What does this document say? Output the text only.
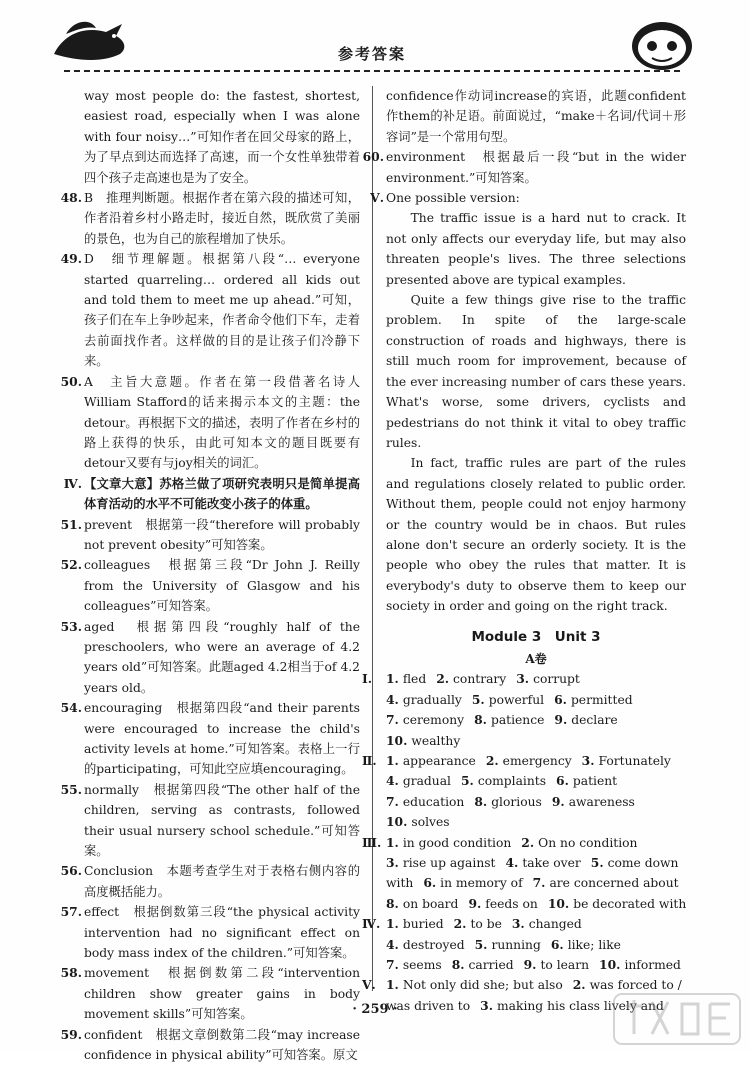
参考答案
way most people do: the fastest, shortest, easiest road, especially when I was alone with four noisy…”可知作者在回父母家的路上，为了早点到达而选择了高速，而一个女性单独带着四个孩子走高速也是为了安全。
48. B　推理判断题。根据作者在第六段的描述可知，作者沿着乡村小路走时，接近自然，既欣赏了美丽的景色，也为自己的旅程增加了快乐。
49. D　细节理解题。根据第八段“… everyone started quarreling… ordered all kids out and told them to meet me up ahead.”可知，孩子们在车上争吵起来，作者命令他们下车，走着去前面找作者。这样做的目的是让孩子们冷静下来。
50. A　主旨大意题。作者在第一段借著名诗人William Stafford的话来揭示本文的主题：the detour。再根据下文的描述，表明了作者在乡村的路上获得的快乐，由此可知本文的题目既要有detour又要有与joy相关的词汇。
Ⅳ. 【文章大意】苏格兰做了项研究表明只是简单提高体育活动的水平不可能改变小孩子的体重。
51. prevent　根据第一段“therefore will probably not prevent obesity”可知答案。
52. colleagues　根据第三段“Dr John J. Reilly from the University of Glasgow and his colleagues”可知答案。
53. aged　根据第四段“roughly half of the preschoolers, who were an average of 4.2 years old”可知答案。此题aged 4.2相当于of 4.2 years old。
54. encouraging　根据第四段“and their parents were encouraged to increase the child's activity levels at home.”可知答案。表格上一行的participating，可知此空应填encouraging。
55. normally　根据第四段“The other half of the children, serving as contrasts, followed their usual nursery school schedule.”可知答案。
56. Conclusion　本题考查学生对于表格右侧内容的高度概括能力。
57. effect　根据倒数第三段“the physical activity intervention had no significant effect on body mass index of the children.”可知答案。
58. movement　根据倒数第二段“intervention children show greater gains in body movement skills”可知答案。
59. confident　根据文章倒数第二段“may increase confidence in physical ability”可知答案。原文
confidence作动词increase的宾语，此题confident作them的补足语。前面说过，“make＋名词/代词＋形容词”是一个常用句型。
60. environment　根据最后一段“but in the wider environment.”可知答案。
Ⅴ. One possible version:
The traffic issue is a hard nut to crack. It not only affects our everyday life, but may also threaten people's lives. The three selections presented above are typical examples.
Quite a few things give rise to the traffic problem. In spite of the large-scale construction of roads and highways, there is still much room for improvement, because of the ever increasing number of cars these years. What's worse, some drivers, cyclists and pedestrians do not think it vital to obey traffic rules.
In fact, traffic rules are part of the rules and regulations closely related to public order. Without them, people could not enjoy harmony or the country would be in chaos. But rules alone don't secure an orderly society. It is the people who obey the rules that matter. It is everybody's duty to observe them to keep our society in order and going on the right track.
Module 3　Unit 3
A卷
Ⅰ. 1. fled 2. contrary 3. corrupt
4. gradually 5. powerful 6. permitted
7. ceremony 8. patience 9. declare
10. wealthy
Ⅱ. 1. appearance 2. emergency 3. Fortunately
4. gradual 5. complaints 6. patient
7. education 8. glorious 9. awareness
10. solves
Ⅲ. 1. in good condition 2. On no condition
3. rise up against 4. take over 5. come down
with 6. in memory of 7. are concerned about
8. on board 9. feeds on 10. be decorated with
Ⅳ. 1. buried 2. to be 3. changed
4. destroyed 5. running 6. like; like
7. seems 8. carried 9. to learn 10. informed
Ⅴ. 1. Not only did she; but also 2. was forced to /
was driven to 3. making his class lively and
· 259 ·
